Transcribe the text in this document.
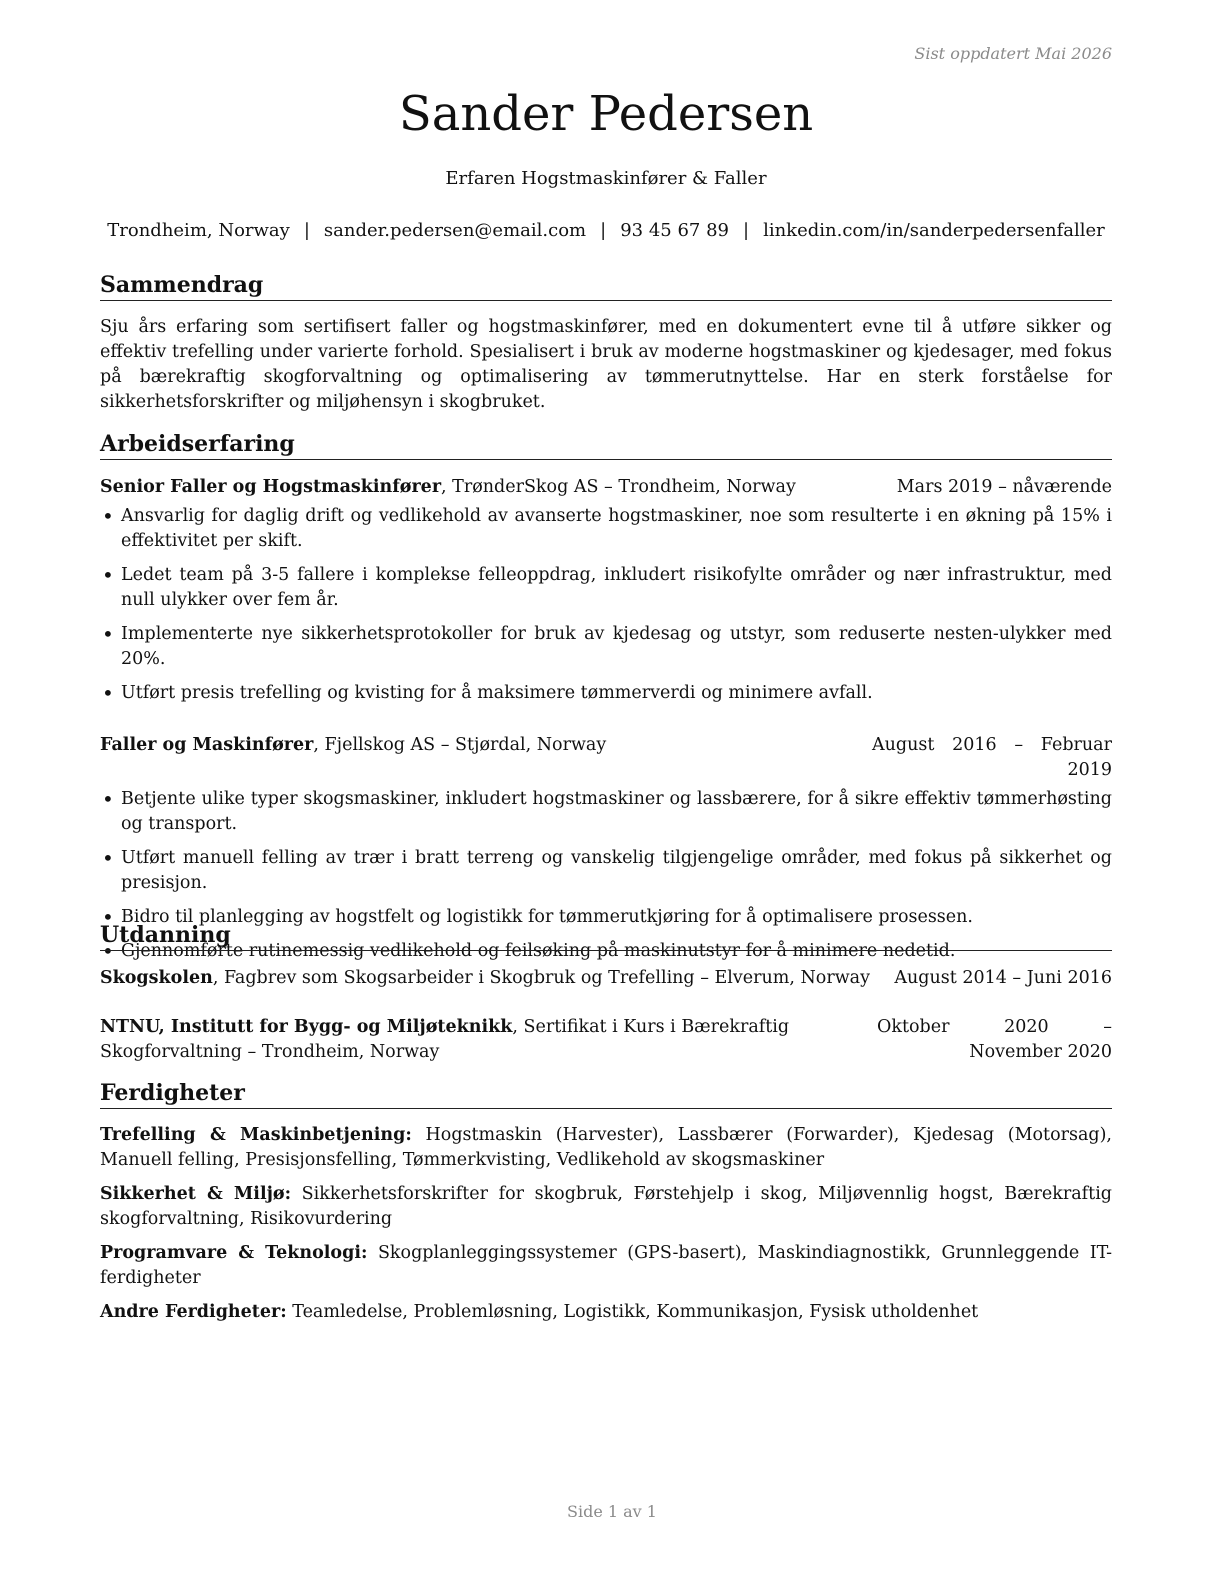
Sist oppdatert Mai 2026
Sander Pedersen
Erfaren Hogstmaskinfører & Faller
Trondheim, Norway | sander.pedersen@email.com | 93 45 67 89 | linkedin.com/in/sanderpedersenfaller
Sammendrag

Sju års erfaring som sertifisert faller og hogstmaskinfører, med en dokumentert evne til å utføre sikker og effektiv trefelling under varierte forhold. Spesialisert i bruk av moderne hogstmaskiner og kjedesager, med fokus på bærekraftig skogforvaltning og optimalisering av tømmerutnyttelse. Har en sterk forståelse for sikkerhetsforskrifter og miljøhensyn i skogbruket.

Arbeidserfaring
Senior Faller og Hogstmaskinfører, TrønderSkog AS – Trondheim, Norway	Mars 2019 – nåværende
• Ansvarlig for daglig drift og vedlikehold av avanserte hogstmaskiner, noe som resulterte i en økning på 15% i effektivitet per skift.
• Ledet team på 3-5 fallere i komplekse felleoppdrag, inkludert risikofylte områder og nær infrastruktur, med null ulykker over fem år.
• Implementerte nye sikkerhetsprotokoller for bruk av kjedesag og utstyr, som reduserte nesten-ulykker med 20%.
• Utført presis trefelling og kvisting for å maksimere tømmerverdi og minimere avfall.
Faller og Maskinfører, Fjellskog AS – Stjørdal, Norway	August 2016 – Februar 2019
• Betjente ulike typer skogsmaskiner, inkludert hogstmaskiner og lassbærere, for å sikre effektiv tømmerhøsting og transport.
• Utført manuell felling av trær i bratt terreng og vanskelig tilgjengelige områder, med fokus på sikkerhet og presisjon.
• Bidro til planlegging av hogstfelt og logistikk for tømmerutkjøring for å optimalisere prosessen.
• Gjennomførte rutinemessig vedlikehold og feilsøking på maskinutstyr for å minimere nedetid.
Utdanning
Skogskolen, Fagbrev som Skogsarbeider i Skogbruk og Trefelling – Elverum, Norway	August 2014 – Juni 2016
NTNU, Institutt for Bygg- og Miljøteknikk, Sertifikat i Kurs i Bærekraftig Skogforvaltning – Trondheim, Norway
Oktober 2020 – November 2020
Ferdigheter

Trefelling & Maskinbetjening: Hogstmaskin (Harvester), Lassbærer (Forwarder), Kjedesag (Motorsag), Manuell felling, Presisjonsfelling, Tømmerkvisting, Vedlikehold av skogsmaskiner

Sikkerhet & Miljø: Sikkerhetsforskrifter for skogbruk, Førstehjelp i skog, Miljøvennlig hogst, Bærekraftig skogforvaltning, Risikovurdering

Programvare & Teknologi: Skogplanleggingssystemer (GPS-basert), Maskindiagnostikk, Grunnleggende IT-ferdigheter

Andre Ferdigheter: Teamledelse, Problemløsning, Logistikk, Kommunikasjon, Fysisk utholdenhet

Side 1 av 1
